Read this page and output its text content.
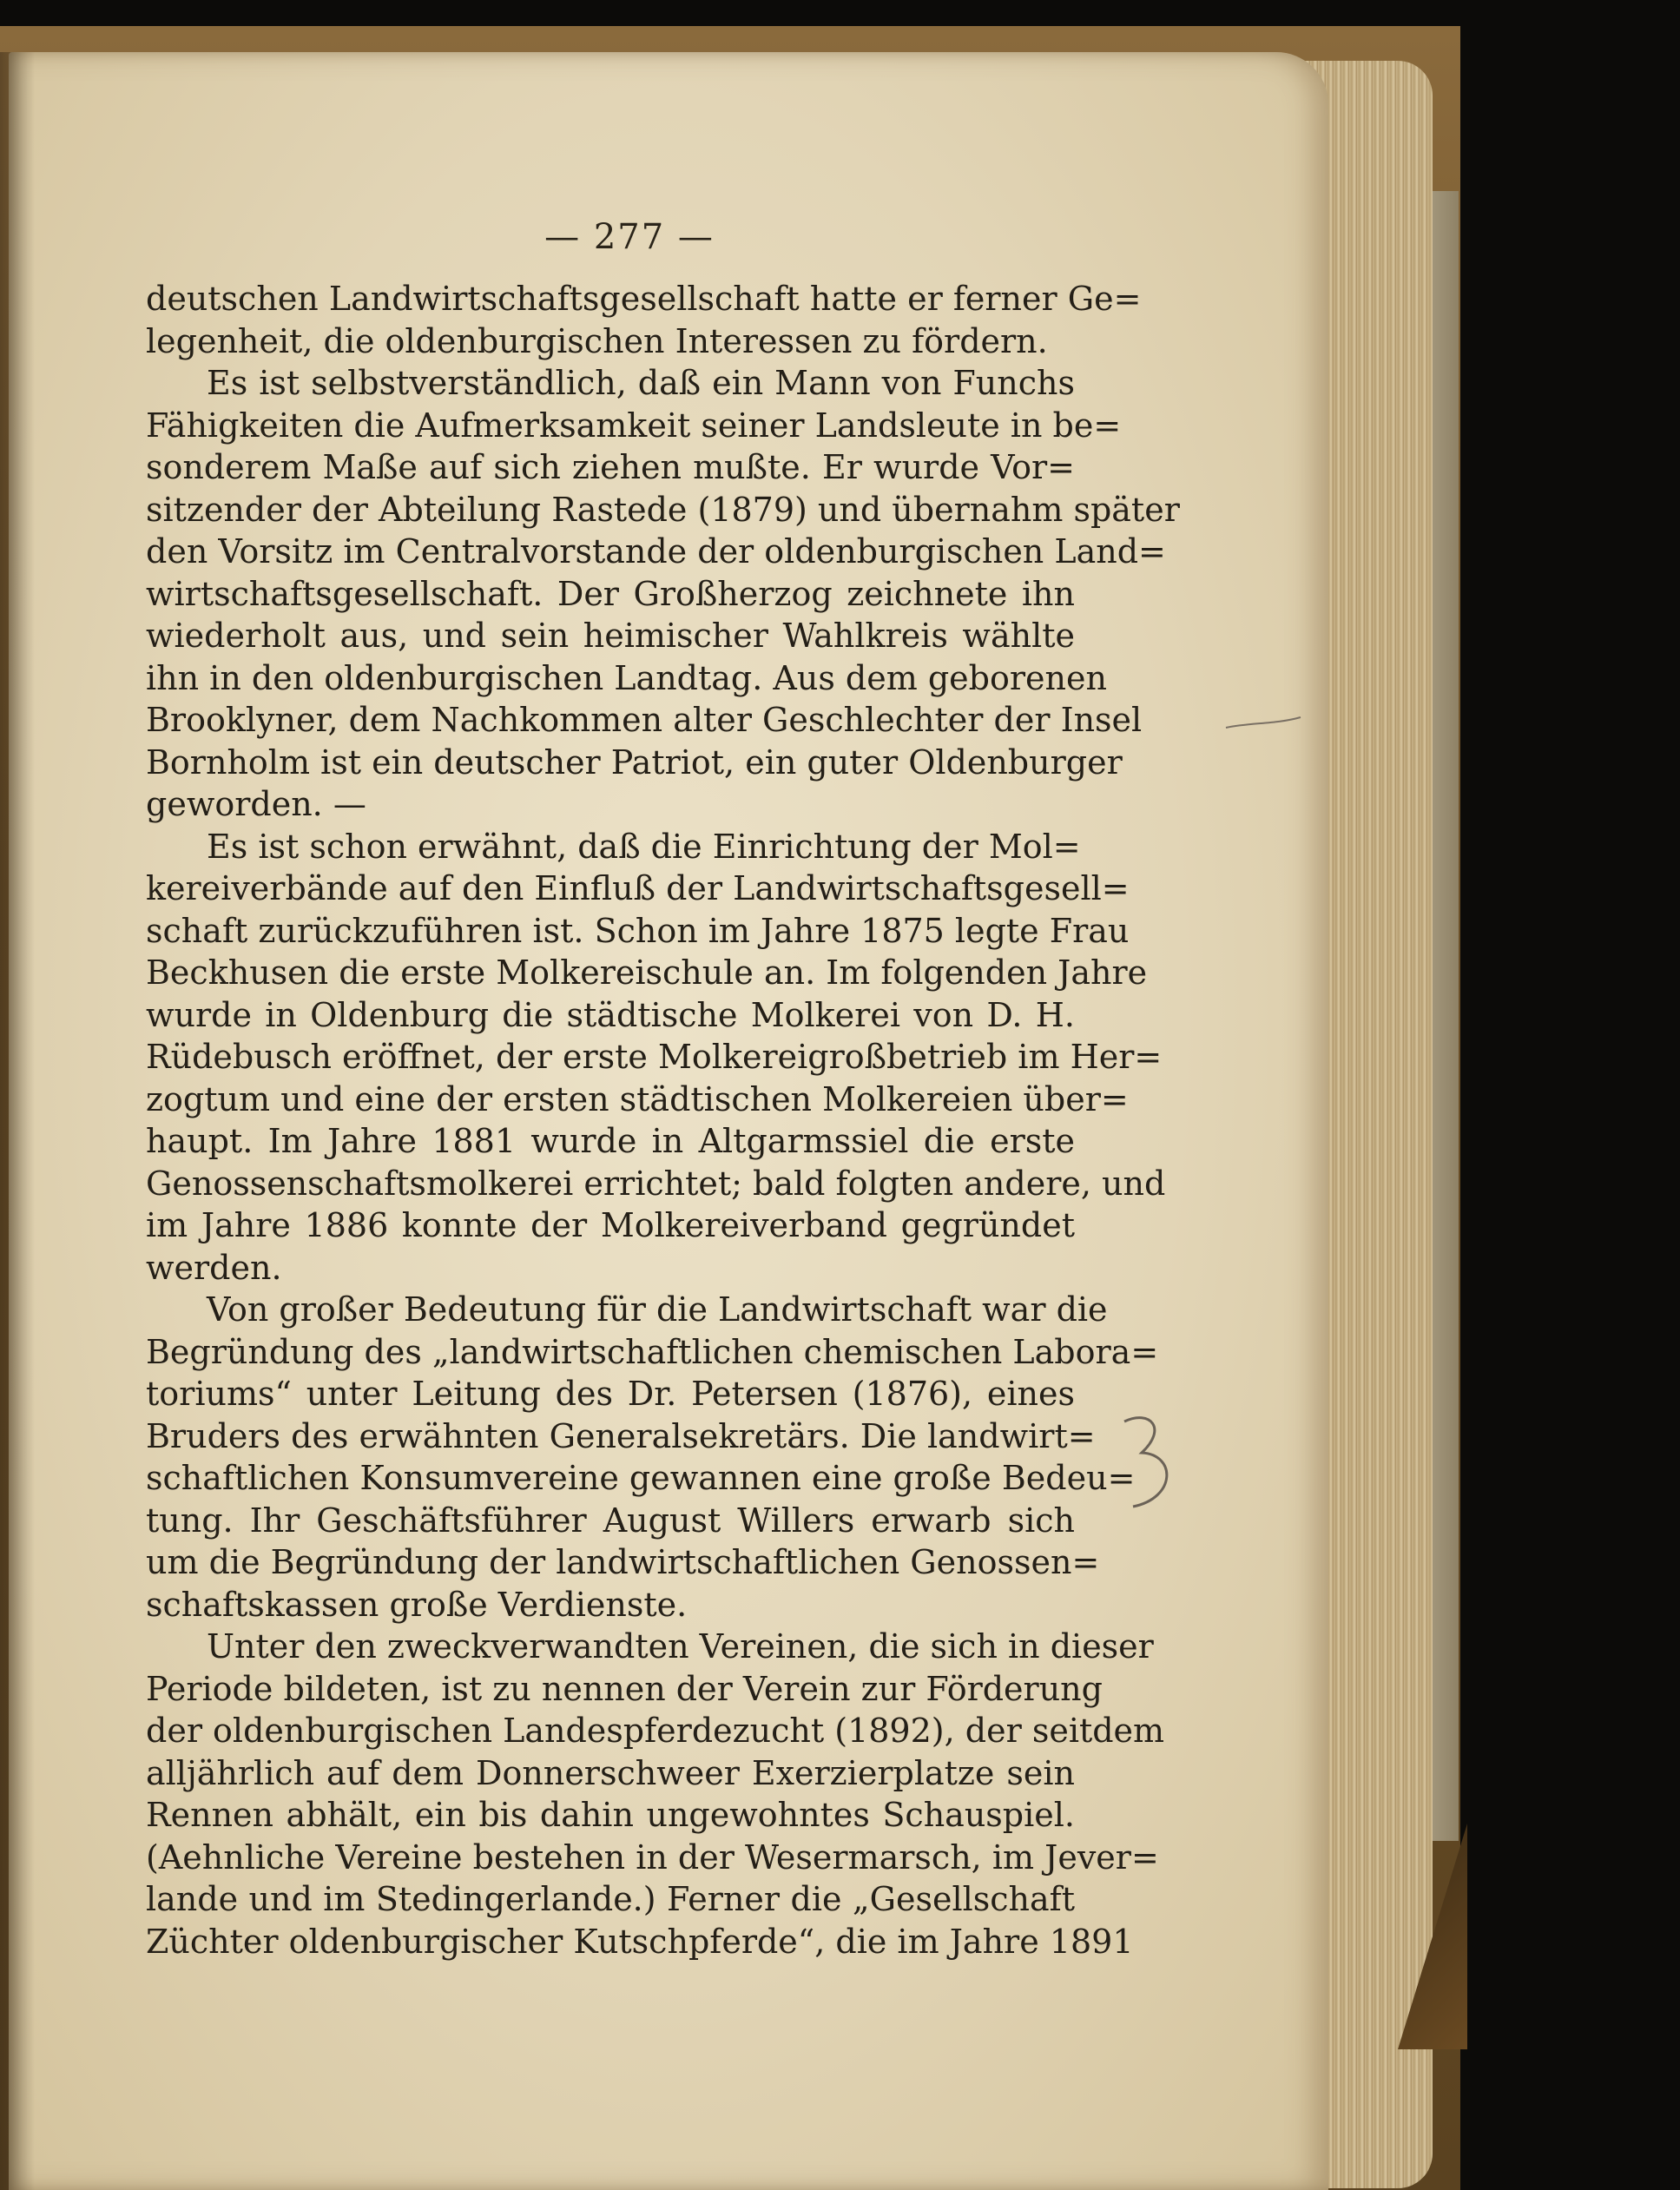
— 277 —
deutschen Landwirtschaftsgesellschaft hatte er ferner Ge=
legenheit, die oldenburgischen Interessen zu fördern.
Es ist selbstverständlich, daß ein Mann von Funchs
Fähigkeiten die Aufmerksamkeit seiner Landsleute in be=
sonderem Maße auf sich ziehen mußte. Er wurde Vor=
sitzender der Abteilung Rastede (1879) und übernahm später
den Vorsitz im Centralvorstande der oldenburgischen Land=
wirtschaftsgesellschaft. Der Großherzog zeichnete ihn
wiederholt aus, und sein heimischer Wahlkreis wählte
ihn in den oldenburgischen Landtag. Aus dem geborenen
Brooklyner, dem Nachkommen alter Geschlechter der Insel
Bornholm ist ein deutscher Patriot, ein guter Oldenburger
geworden. —
Es ist schon erwähnt, daß die Einrichtung der Mol=
kereiverbände auf den Einfluß der Landwirtschaftsgesell=
schaft zurückzuführen ist. Schon im Jahre 1875 legte Frau
Beckhusen die erste Molkereischule an. Im folgenden Jahre
wurde in Oldenburg die städtische Molkerei von D. H.
Rüdebusch eröffnet, der erste Molkereigroßbetrieb im Her=
zogtum und eine der ersten städtischen Molkereien über=
haupt. Im Jahre 1881 wurde in Altgarmssiel die erste
Genossenschaftsmolkerei errichtet; bald folgten andere, und
im Jahre 1886 konnte der Molkereiverband gegründet
werden.
Von großer Bedeutung für die Landwirtschaft war die
Begründung des „landwirtschaftlichen chemischen Labora=
toriums“ unter Leitung des Dr. Petersen (1876), eines
Bruders des erwähnten Generalsekretärs. Die landwirt=
schaftlichen Konsumvereine gewannen eine große Bedeu=
tung. Ihr Geschäftsführer August Willers erwarb sich
um die Begründung der landwirtschaftlichen Genossen=
schaftskassen große Verdienste.
Unter den zweckverwandten Vereinen, die sich in dieser
Periode bildeten, ist zu nennen der Verein zur Förderung
der oldenburgischen Landespferdezucht (1892), der seitdem
alljährlich auf dem Donnerschweer Exerzierplatze sein
Rennen abhält, ein bis dahin ungewohntes Schauspiel.
(Aehnliche Vereine bestehen in der Wesermarsch, im Jever=
lande und im Stedingerlande.) Ferner die „Gesellschaft
Züchter oldenburgischer Kutschpferde“, die im Jahre 1891
